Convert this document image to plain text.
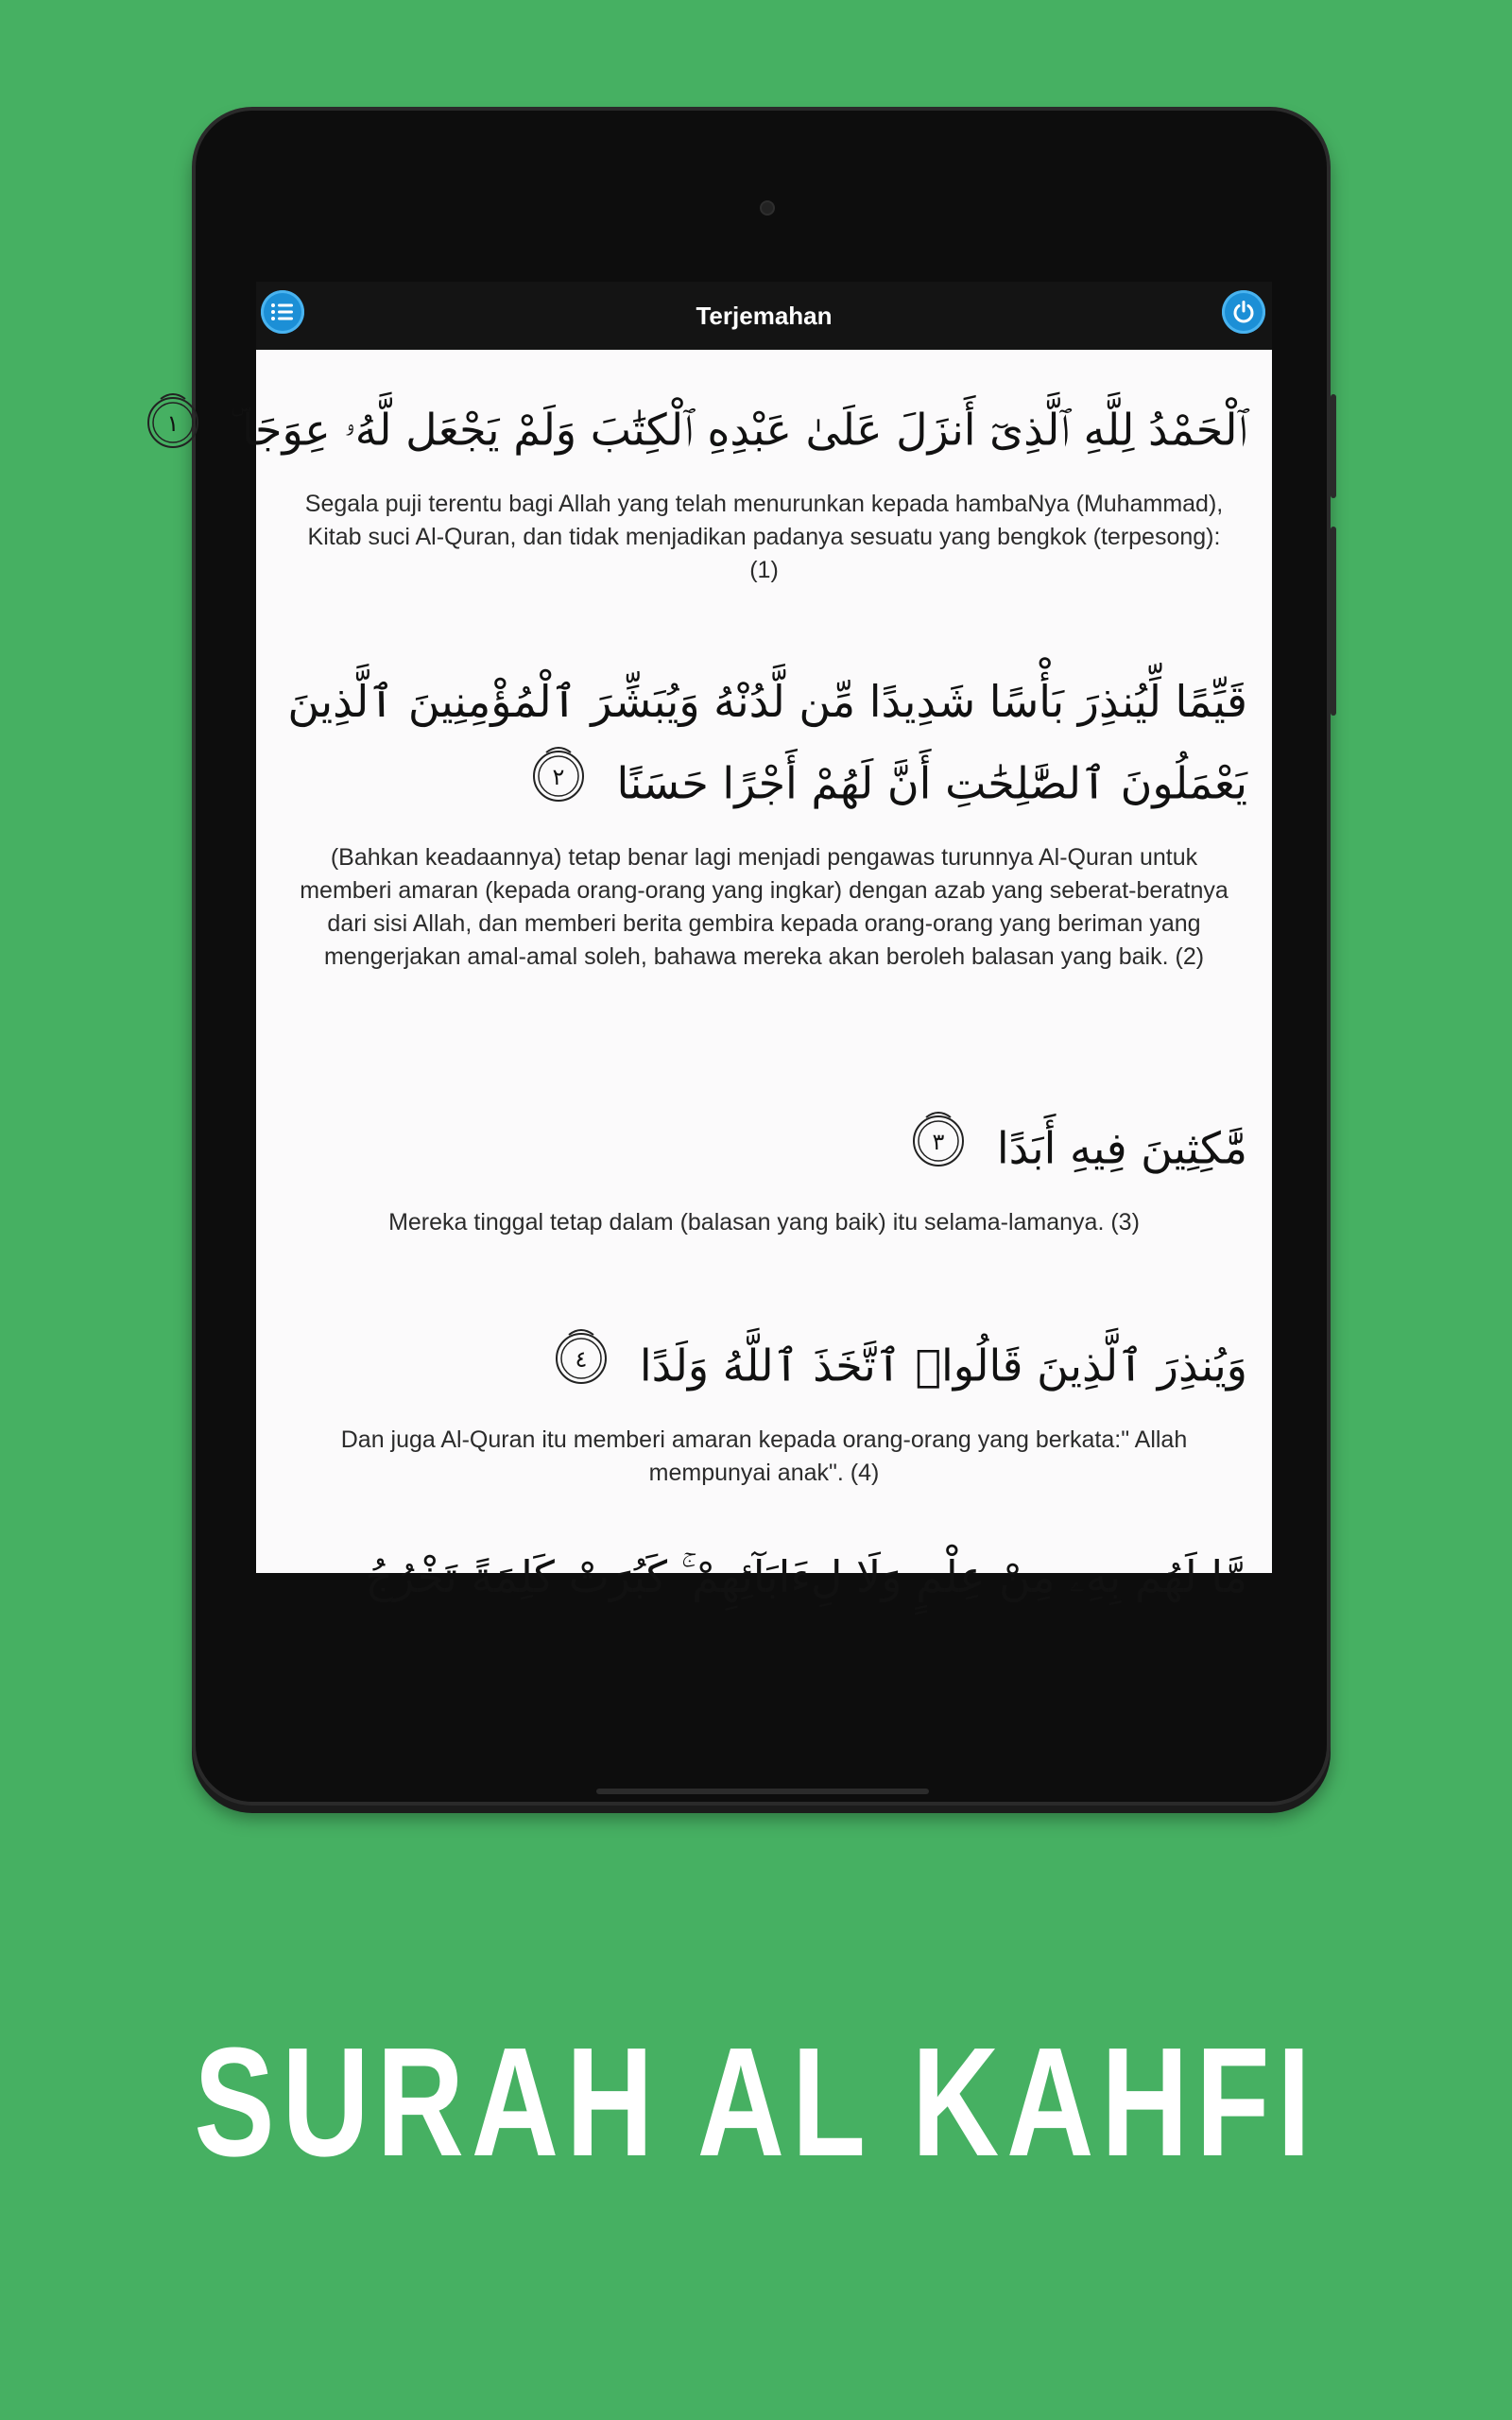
Terjemahan
ٱلْحَمْدُ لِلَّهِ ٱلَّذِىٓ أَنزَلَ عَلَىٰ عَبْدِهِ ٱلْكِتَٰبَ وَلَمْ يَجْعَل لَّهُۥ عِوَجَا ۜ
١
Segala puji terentu bagi Allah yang telah menurunkan kepada hambaNya (Muhammad), Kitab suci Al-Quran, dan tidak menjadikan padanya sesuatu yang bengkok (terpesong): (1)
قَيِّمًا لِّيُنذِرَ بَأْسًا شَدِيدًا مِّن لَّدُنْهُ وَيُبَشِّرَ ٱلْمُؤْمِنِينَ ٱلَّذِينَ
يَعْمَلُونَ ٱلصَّٰلِحَٰتِ أَنَّ لَهُمْ أَجْرًا حَسَنًا
٢
(Bahkan keadaannya) tetap benar lagi menjadi pengawas turunnya Al-Quran untuk memberi amaran (kepada orang-orang yang ingkar) dengan azab yang seberat-beratnya dari sisi Allah, dan memberi berita gembira kepada orang-orang yang beriman yang mengerjakan amal-amal soleh, bahawa mereka akan beroleh balasan yang baik. (2)
مَّٰكِثِينَ فِيهِ أَبَدًا
٣
Mereka tinggal tetap dalam (balasan yang baik) itu selama-lamanya. (3)
وَيُنذِرَ ٱلَّذِينَ قَالُوا۟ ٱتَّخَذَ ٱللَّهُ وَلَدًا
٤
Dan juga Al-Quran itu memberi amaran kepada orang-orang yang berkata:" Allah mempunyai anak". (4)
مَّا لَهُم بِهِۦ مِنْ عِلْمٍ وَلَا لِءَابَآئِهِمْ ۚ كَبُرَتْ كَلِمَةً تَخْرُجُ
SURAH AL KAHFI
